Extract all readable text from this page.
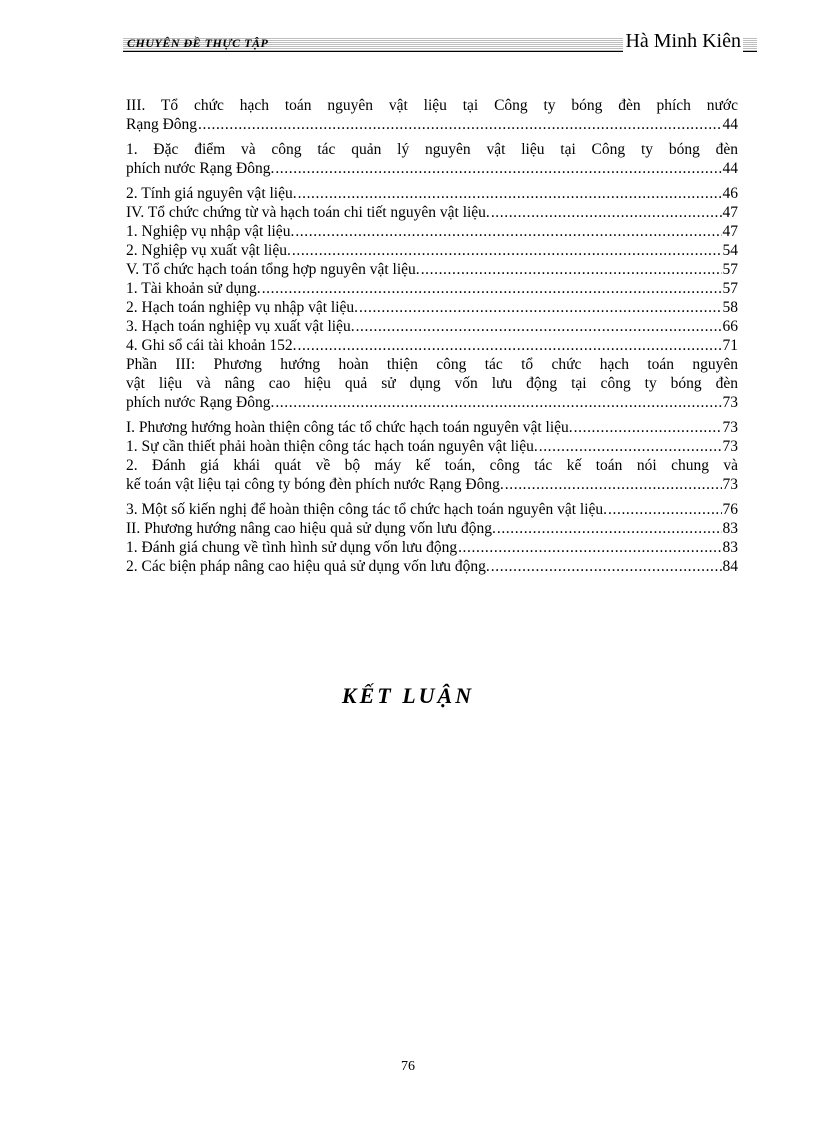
CHUYÊN ĐỀ THỰC TẬP	Hà Minh Kiên
III. Tổ chức hạch toán nguyên vật liệu tại Công ty bóng đèn phích nước
Rạng Đông .....	44
1. Đặc điểm và công tác quản lý nguyên vật liệu tại Công ty bóng đèn
phích nước Rạng Đông. .....	44
2. Tính giá nguyên vật liệu. .....	46
IV. Tổ chức chứng từ và hạch toán chi tiết nguyên vật liệu. .....	47
1. Nghiệp vụ nhập vật liệu. .....	47
2. Nghiệp vụ xuất vật liệu. .....	54
V. Tổ chức hạch toán tổng hợp nguyên vật liệu. .....	57
1. Tài khoản sử dụng. .....	57
2. Hạch toán nghiệp vụ nhập vật liệu. .....	58
3. Hạch toán nghiệp vụ xuất vật liệu. .....	66
4. Ghi sổ cái tài khoản 152. .....	71
Phần III: Phương hướng hoàn thiện công tác tổ chức hạch toán nguyên
vật liệu và nâng cao hiệu quả sử dụng vốn lưu động tại công ty bóng đèn
phích nước Rạng Đông. .....	73
I. Phương hướng hoàn thiện công tác tổ chức hạch toán nguyên vật liệu. .....	73
1. Sự cần thiết phải hoàn thiện công tác hạch toán nguyên vật liệu. .....	73
2. Đánh giá khái quát về bộ máy kế toán, công tác kế toán nói chung và
kế toán vật liệu tại công ty bóng đèn phích nước Rạng Đông. .....	73
3. Một số kiến nghị để hoàn thiện công tác tổ chức hạch toán nguyên vật liệu. .....	76
II. Phương hướng nâng cao hiệu quả sử dụng vốn lưu động. .....	83
1. Đánh giá chung về tình hình sử dụng vốn lưu động .....	83
2. Các biện pháp nâng cao hiệu quả sử dụng vốn lưu động. .....	84
KẾT LUẬN
76
